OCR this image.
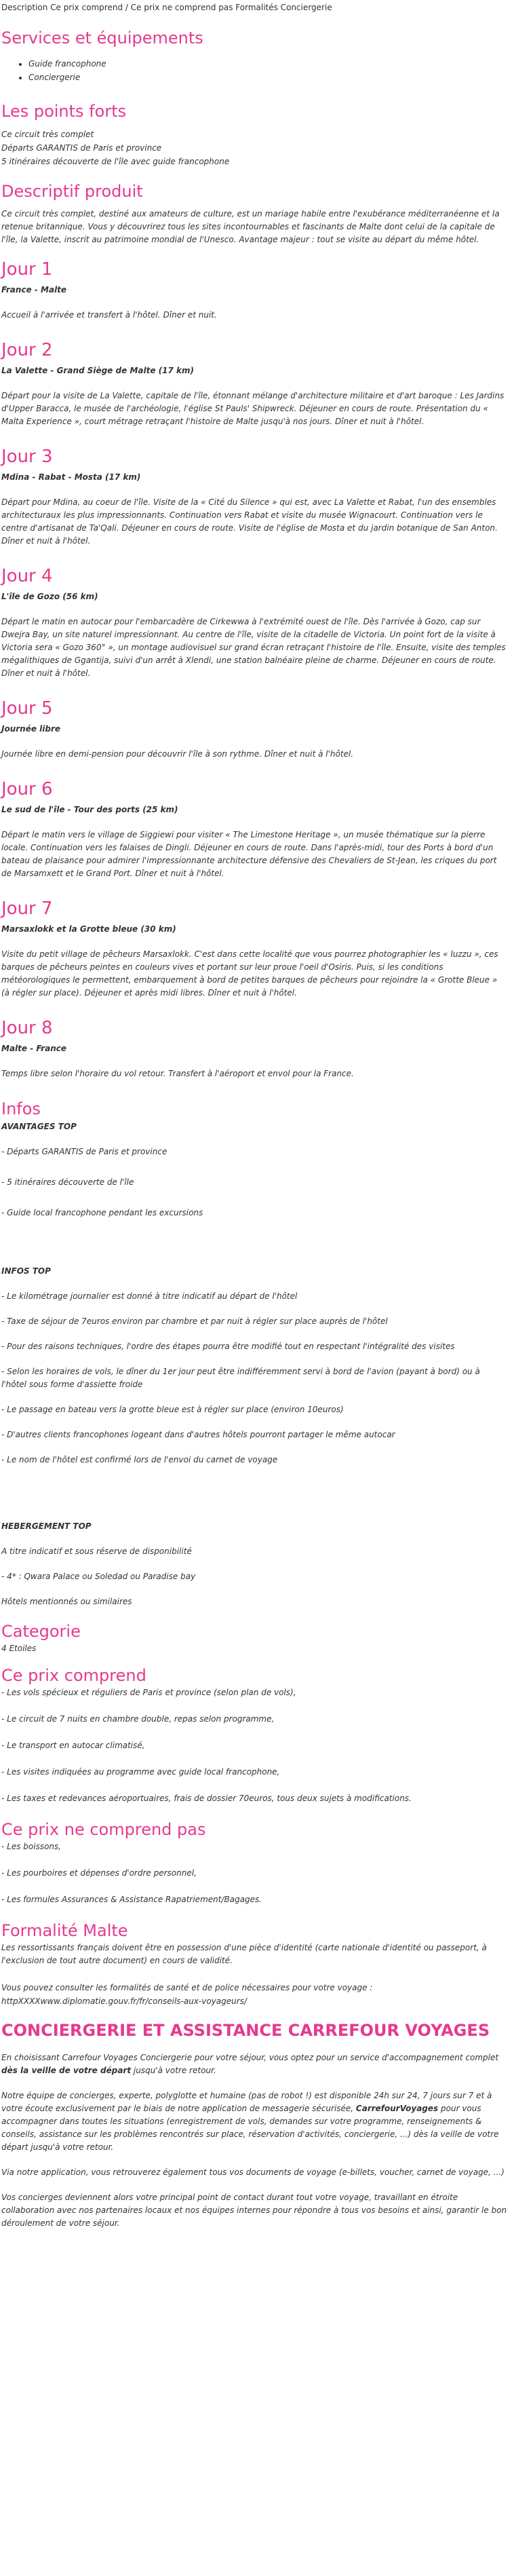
Description Ce prix comprend / Ce prix ne comprend pas Formalités Conciergerie
Services et équipements
• Guide francophone
• Conciergerie
Les points forts
Ce circuit très complet
Départs GARANTIS de Paris et province
5 itinéraires découverte de l'île avec guide francophone
Descriptif produit
Ce circuit très complet, destiné aux amateurs de culture, est un mariage habile entre l'exubérance méditerranéenne et la retenue britannique. Vous y découvrirez tous les sites incontournables et fascinants de Malte dont celui de la capitale de l'île, la Valette, inscrit au patrimoine mondial de l'Unesco. Avantage majeur : tout se visite au départ du même hôtel.
Jour 1
France - Malte
Accueil à l'arrivée et transfert à l'hôtel. Dîner et nuit.
Jour 2
La Valette - Grand Siège de Malte (17 km)
Départ pour la visite de La Valette, capitale de l'île, étonnant mélange d'architecture militaire et d'art baroque : Les Jardins d'Upper Baracca, le musée de l'archéologie, l'église St Pauls' Shipwreck. Déjeuner en cours de route. Présentation du « Malta Experience », court métrage retraçant l'histoire de Malte jusqu'à nos jours. Dîner et nuit à l'hôtel.
Jour 3
Mdina - Rabat - Mosta (17 km)
Départ pour Mdina, au coeur de l'île. Visite de la « Cité du Silence » qui est, avec La Valette et Rabat, l'un des ensembles architecturaux les plus impressionnants. Continuation vers Rabat et visite du musée Wignacourt. Continuation vers le centre d'artisanat de Ta'Qali. Déjeuner en cours de route. Visite de l'église de Mosta et du jardin botanique de San Anton. Dîner et nuit à l'hôtel.
Jour 4
L'île de Gozo (56 km)
Départ le matin en autocar pour l'embarcadère de Cirkewwa à l'extrémité ouest de l'île. Dès l'arrivée à Gozo, cap sur Dwejra Bay, un site naturel impressionnant. Au centre de l'île, visite de la citadelle de Victoria. Un point fort de la visite à Victoria sera « Gozo 360° », un montage audiovisuel sur grand écran retraçant l'histoire de l'île. Ensuite, visite des temples mégalithiques de Ggantija, suivi d'un arrêt à Xlendi, une station balnéaire pleine de charme. Déjeuner en cours de route. Dîner et nuit à l'hôtel.
Jour 5
Journée libre
Journée libre en demi-pension pour découvrir l'île à son rythme. Dîner et nuit à l'hôtel.
Jour 6
Le sud de l'île - Tour des ports (25 km)
Départ le matin vers le village de Siggiewi pour visiter « The Limestone Heritage », un musée thématique sur la pierre locale. Continuation vers les falaises de Dingli. Déjeuner en cours de route. Dans l'après-midi, tour des Ports à bord d'un bateau de plaisance pour admirer l'impressionnante architecture défensive des Chevaliers de St-Jean, les criques du port de Marsamxett et le Grand Port. Dîner et nuit à l'hôtel.
Jour 7
Marsaxlokk et la Grotte bleue (30 km)
Visite du petit village de pêcheurs Marsaxlokk. C'est dans cette localité que vous pourrez photographier les « luzzu », ces barques de pêcheurs peintes en couleurs vives et portant sur leur proue l'oeil d'Osiris. Puis, si les conditions météorologiques le permettent, embarquement à bord de petites barques de pêcheurs pour rejoindre la « Grotte Bleue » (à régler sur place). Déjeuner et après midi libres. Dîner et nuit à l'hôtel.
Jour 8
Malte - France
Temps libre selon l'horaire du vol retour. Transfert à l'aéroport et envol pour la France.
Infos
AVANTAGES TOP
- Départs GARANTIS de Paris et province
- 5 itinéraires découverte de l'île
- Guide local francophone pendant les excursions
INFOS TOP
- Le kilométrage journalier est donné à titre indicatif au départ de l'hôtel
- Taxe de séjour de 7euros environ par chambre et par nuit à régler sur place auprès de l'hôtel
- Pour des raisons techniques, l'ordre des étapes pourra être modifié tout en respectant l'intégralité des visites
- Selon les horaires de vols, le dîner du 1er jour peut être indifféremment servi à bord de l'avion (payant à bord) ou à l'hôtel sous forme d'assiette froide
- Le passage en bateau vers la grotte bleue est à régler sur place (environ 10euros)
- D'autres clients francophones logeant dans d'autres hôtels pourront partager le même autocar
- Le nom de l'hôtel est confirmé lors de l'envoi du carnet de voyage
HEBERGEMENT TOP
A titre indicatif et sous réserve de disponibilité
- 4* : Qwara Palace ou Soledad ou Paradise bay
Hôtels mentionnés ou similaires
Categorie
4 Etoiles
Ce prix comprend
- Les vols spécieux et réguliers de Paris et province (selon plan de vols),
- Le circuit de 7 nuits en chambre double, repas selon programme,
- Le transport en autocar climatisé,
- Les visites indiquées au programme avec guide local francophone,
- Les taxes et redevances aéroportuaires, frais de dossier 70euros, tous deux sujets à modifications.
Ce prix ne comprend pas
- Les boissons,
- Les pourboires et dépenses d'ordre personnel,
- Les formules Assurances & Assistance Rapatriement/Bagages.
Formalité Malte
Les ressortissants français doivent être en possession d'une pièce d'identité (carte nationale d'identité ou passeport, à l'exclusion de tout autre document) en cours de validité.
Vous pouvez consulter les formalités de santé et de police nécessaires pour votre voyage :
httpXXXXwww.diplomatie.gouv.fr/fr/conseils-aux-voyageurs/
CONCIERGERIE ET ASSISTANCE CARREFOUR VOYAGES
En choisissant Carrefour Voyages Conciergerie pour votre séjour, vous optez pour un service d'accompagnement complet dès la veille de votre départ jusqu'à votre retour.
Notre équipe de concierges, experte, polyglotte et humaine (pas de robot !) est disponible 24h sur 24, 7 jours sur 7 et à votre écoute exclusivement par le biais de notre application de messagerie sécurisée, CarrefourVoyages pour vous accompagner dans toutes les situations (enregistrement de vols, demandes sur votre programme, renseignements & conseils, assistance sur les problèmes rencontrés sur place, réservation d'activités, conciergerie, ...) dès la veille de votre départ jusqu'à votre retour.
Via notre application, vous retrouverez également tous vos documents de voyage (e-billets, voucher, carnet de voyage, ...)
Vos concierges deviennent alors votre principal point de contact durant tout votre voyage, travaillant en étroite collaboration avec nos partenaires locaux et nos équipes internes pour répondre à tous vos besoins et ainsi, garantir le bon déroulement de votre séjour.
